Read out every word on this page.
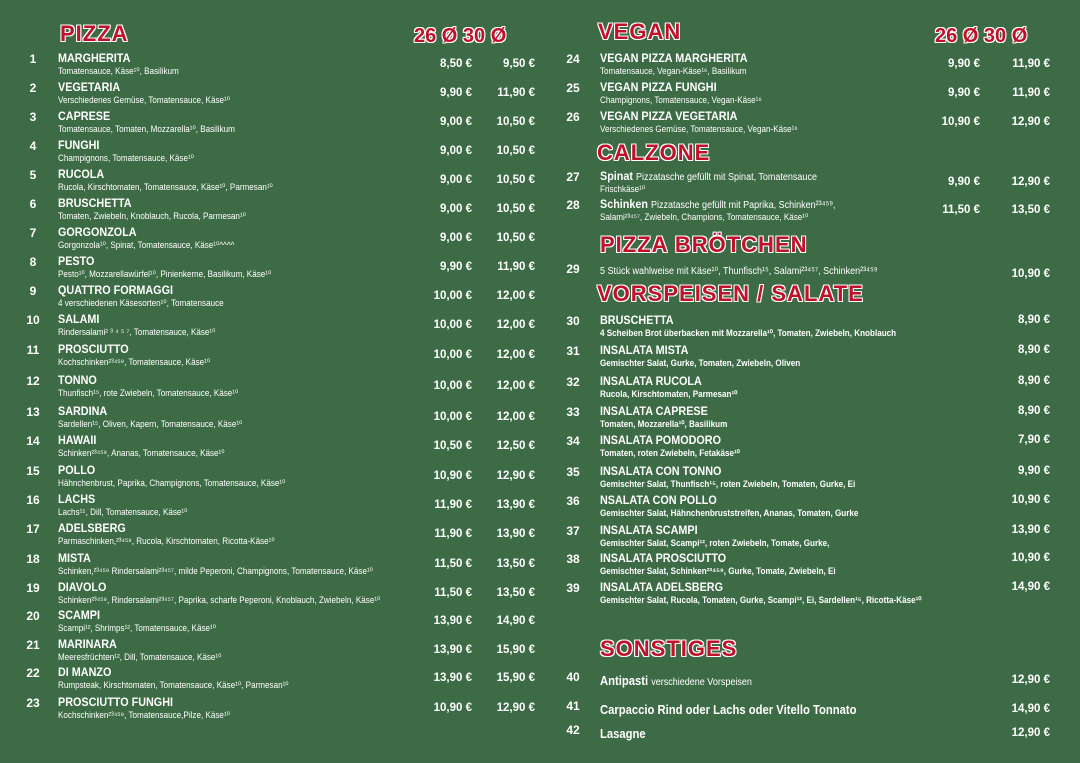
PIZZA	26 Ø 30 Ø
1	MARGHERITA
Tomatensauce, Käse¹⁰, Basilikum
8,50 €	9,50 €
2	VEGETARIA
Verschiedenes Gemüse, Tomatensauce, Käse¹⁰
9,90 €	11,90 €
3	CAPRESE
Tomatensauce, Tomaten, Mozzarella¹⁰, Basilikum
9,00 €	10,50 €
4	FUNGHI
Champignons, Tomatensauce, Käse¹⁰
9,00 €	10,50 €
5	RUCOLA
Rucola, Kirschtomaten, Tomatensauce, Käse¹⁰, Parmesan¹⁰
9,00 €	10,50 €
6	BRUSCHETTA
Tomaten, Zwiebeln, Knoblauch, Rucola, Parmesan¹⁰
9,00 €	10,50 €
7	GORGONZOLA
Gorgonzola¹⁰, Spinat, Tomatensauce, Käse¹⁰^^^^
9,00 €	10,50 €
8	PESTO
Pesto¹⁰, Mozzarellawürfel¹⁰, Pinienkerne, Basilikum, Käse¹⁰
9,90 €	11,90 €
9	QUATTRO FORMAGGI
4 verschiedenen Käsesorten¹⁰, Tomatensauce
10,00 €	12,00 €
10	SALAMI
Rindersalami² ³ ⁴ ⁵ ⁷, Tomatensauce, Käse¹⁰
10,00 €	12,00 €
11	PROSCIUTTO
Kochschinken²³⁴⁵⁹, Tomatensauce, Käse¹⁰
10,00 €	12,00 €
12	TONNO
Thunfisch¹⁵, rote Zwiebeln, Tomatensauce, Käse¹⁰
10,00 €	12,00 €
13	SARDINA
Sardellen¹⁵, Oliven, Kapern, Tomatensauce, Käse¹⁰
10,00 €	12,00 €
14	HAWAII
Schinken²³⁴⁵⁹, Ananas, Tomatensauce, Käse¹⁰
10,50 €	12,50 €
15	POLLO
Hähnchenbrust, Paprika, Champignons, Tomatensauce, Käse¹⁰
10,90 €	12,90 €
16	LACHS
Lachs¹⁵, Dill, Tomatensauce, Käse¹⁰
11,90 €	13,90 €
17	ADELSBERG
Parmaschinken,²³⁴⁵⁹, Rucola, Kirschtomaten, Ricotta-Käse¹⁰
11,90 €	13,90 €
18	MISTA
Schinken,²³⁴⁵⁹ Rindersalami²³⁴⁵⁷, milde Peperoni, Champignons, Tomatensauce, Käse¹⁰
11,50 €	13,50 €
19	DIAVOLO
Schinken²³⁴⁵⁹, Rindersalami²³⁴⁵⁷, Paprika, scharfe Peperoni, Knoblauch, Zwiebeln, Käse¹⁰
11,50 €	13,50 €
20	SCAMPI
Scampi¹², Shrimps¹², Tomatensauce, Käse¹⁰
13,90 €	14,90 €
21	MARINARA
Meeresfrüchten¹², Dill, Tomatensauce, Käse¹⁰
13,90 €	15,90 €
22	DI MANZO
Rumpsteak, Kirschtomaten, Tomatensauce, Käse¹⁰, Parmesan¹⁰
13,90 €	15,90 €
23	PROSCIUTTO FUNGHI
Kochschinken²³⁴⁵⁹, Tomatensauce,Pilze, Käse¹⁰
10,90 €	12,90 €
VEGAN	26 Ø 30 Ø
24	VEGAN PIZZA MARGHERITA
Tomatensauce, Vegan-Käse¹⁶, Basilikum
9,90 €	11,90 €
25	VEGAN PIZZA FUNGHI
Champignons, Tomatensauce, Vegan-Käse¹⁶
9,90 €	11,90 €
26	VEGAN PIZZA VEGETARIA
Verschiedenes Gemüse, Tomatensauce, Vegan-Käse¹⁶
10,90 €	12,90 €
CALZONE
27	Spinat Pizzatasche gefüllt mit Spinat, Tomatensauce
Frischkäse¹⁰
9,90 €	12,90 €
28	Schinken Pizzatasche gefüllt mit Paprika, Schinken²³⁴⁵⁹,
Salami²³⁴⁵⁷, Zwiebeln, Champions, Tomatensauce, Käse¹⁰
11,50 €	13,50 €
PIZZA BRÖTCHEN
29	5 Stück wahlweise mit Käse¹⁰, Thunfisch¹⁵, Salami²³⁴⁵⁷, Schinken²³⁴⁵⁹	10,90 €
VORSPEISEN / SALATE
30	BRUSCHETTA
4 Scheiben Brot überbacken mit Mozzarella¹⁰, Tomaten, Zwiebeln, Knoblauch
8,90 €
31	INSALATA MISTA
Gemischter Salat, Gurke, Tomaten, Zwiebeln, Oliven
8,90 €
32	INSALATA RUCOLA
Rucola, Kirschtomaten, Parmesan¹⁰
8,90 €
33	INSALATA CAPRESE
Tomaten, Mozzarella¹⁰, Basilikum
8,90 €
34	INSALATA POMODORO
Tomaten, roten Zwiebeln, Fetakäse¹⁰
7,90 €
35	INSALATA CON TONNO
Gemischter Salat, Thunfisch¹⁵, roten Zwiebeln, Tomaten, Gurke, Ei
9,90 €
36	NSALATA CON POLLO
Gemischter Salat, Hähnchenbruststreifen, Ananas, Tomaten, Gurke
10,90 €
37	INSALATA SCAMPI
Gemischter Salat, Scampi¹², roten Zwiebeln, Tomate, Gurke,
13,90 €
38	INSALATA PROSCIUTTO
Gemischter Salat, Schinken²³⁴⁵⁹, Gurke, Tomate, Zwiebeln, Ei
10,90 €
39	INSALATA ADELSBERG
Gemischter Salat, Rucola, Tomaten, Gurke, Scampi¹², Ei, Sardellen¹⁵, Ricotta-Käse¹⁰
14,90 €
SONSTIGES
40	Antipasti verschiedene Vorspeisen	12,90 €
41	Carpaccio Rind oder Lachs oder Vitello Tonnato	14,90 €
42	Lasagne	12,90 €
